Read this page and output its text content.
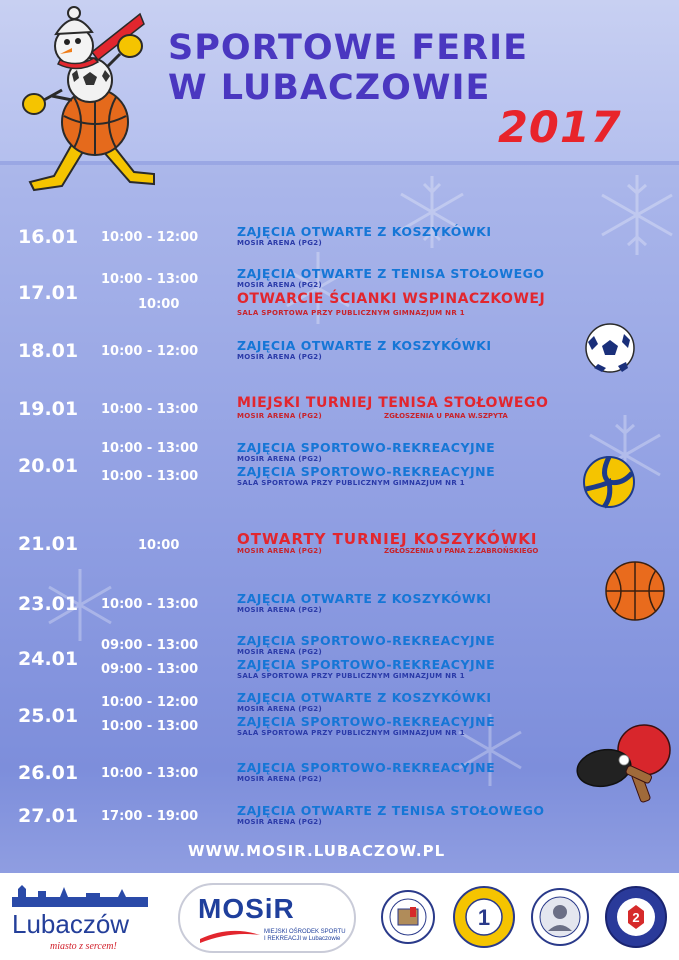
SPORTOWE FERIE
W LUBACZOWIE
2017
16.01 10:00 - 12:00	ZAJĘCIA OTWARTE Z KOSZYKÓWKI
MOSIR ARENA (PG2)
17.01
10:00 - 13:00	ZAJĘCIA OTWARTE Z TENISA STOŁOWEGO
MOSIR ARENA (PG2)
10:00	OTWARCIE ŚCIANKI WSPINACZKOWEJ
SALA SPORTOWA PRZY PUBLICZNYM GIMNAZJUM NR 1
18.01 10:00 - 12:00	ZAJĘCIA OTWARTE Z KOSZYKÓWKI
MOSIR ARENA (PG2)
19.01 10:00 - 13:00	MIEJSKI TURNIEJ TENISA STOŁOWEGO
MOSIR ARENA (PG2)	ZGŁOSZENIA U PANA W.SZPYTA
20.01
10:00 - 13:00	ZAJĘCIA SPORTOWO-REKREACYJNE
MOSIR ARENA (PG2)
10:00 - 13:00	ZAJĘCIA SPORTOWO-REKREACYJNE
SALA SPORTOWA PRZY PUBLICZNYM GIMNAZJUM NR 1
21.01	10:00	OTWARTY TURNIEJ KOSZYKÓWKI
MOSIR ARENA (PG2)	ZGŁOSZENIA U PANA Z.ZABROŃSKIEGO
23.01 10:00 - 13:00	ZAJĘCIA OTWARTE Z KOSZYKÓWKI
MOSIR ARENA (PG2)
24.01
09:00 - 13:00	ZAJĘCIA SPORTOWO-REKREACYJNE
MOSIR ARENA (PG2)
09:00 - 13:00	ZAJĘCIA SPORTOWO-REKREACYJNE
SALA SPORTOWA PRZY PUBLICZNYM GIMNAZJUM NR 1
25.01
10:00 - 12:00	ZAJĘCIA OTWARTE Z KOSZYKÓWKI
MOSIR ARENA (PG2)
10:00 - 13:00	ZAJĘCIA SPORTOWO-REKREACYJNE
SALA SPORTOWA PRZY PUBLICZNYM GIMNAZJUM NR 1
26.01 10:00 - 13:00	ZAJĘCIA SPORTOWO-REKREACYJNE
MOSIR ARENA (PG2)
27.01 17:00 - 19:00	ZAJĘCIA OTWARTE Z TENISA STOŁOWEGO
MOSIR ARENA (PG2)
WWW.MOSIR.LUBACZOW.PL
Lubaczów
miasto z sercem!
MOSiR
MIEJSKI OŚRODEK SPORTU
I REKREACJI w Lubaczowie
1	2
